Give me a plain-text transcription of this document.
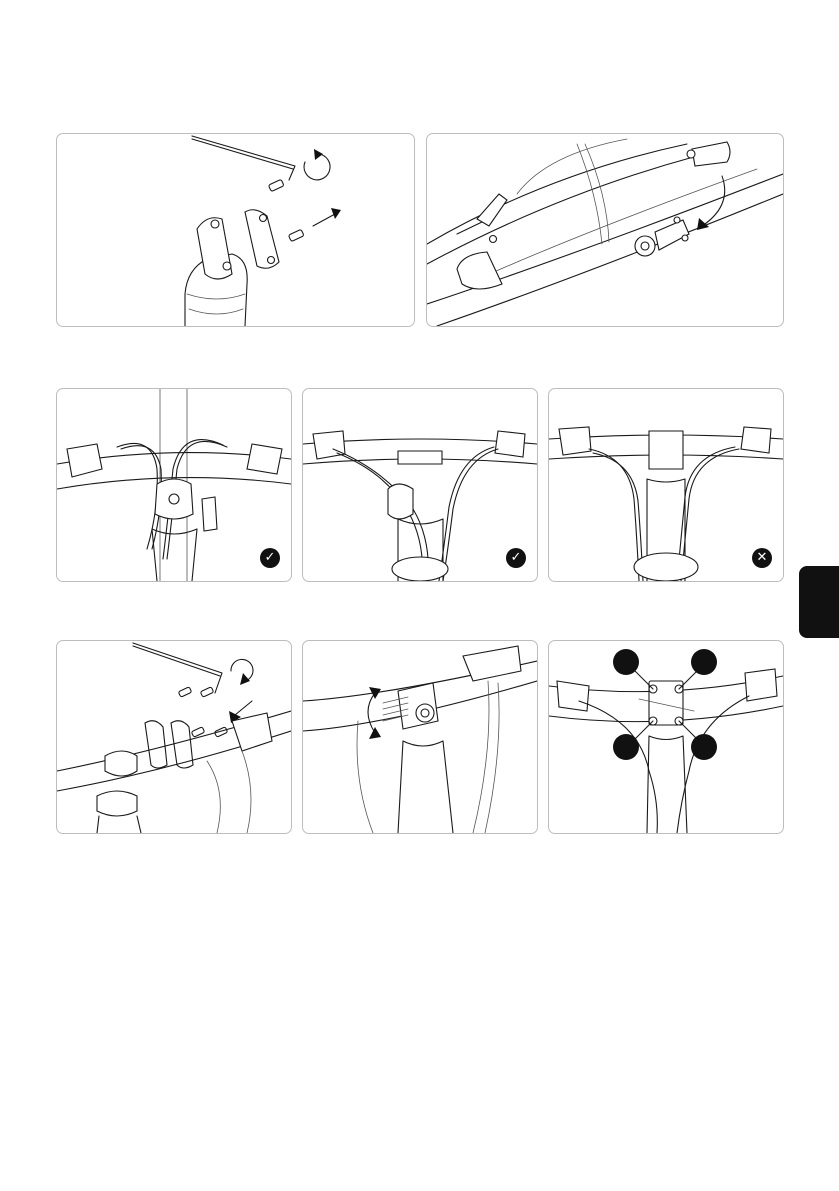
✓	✓	✕
